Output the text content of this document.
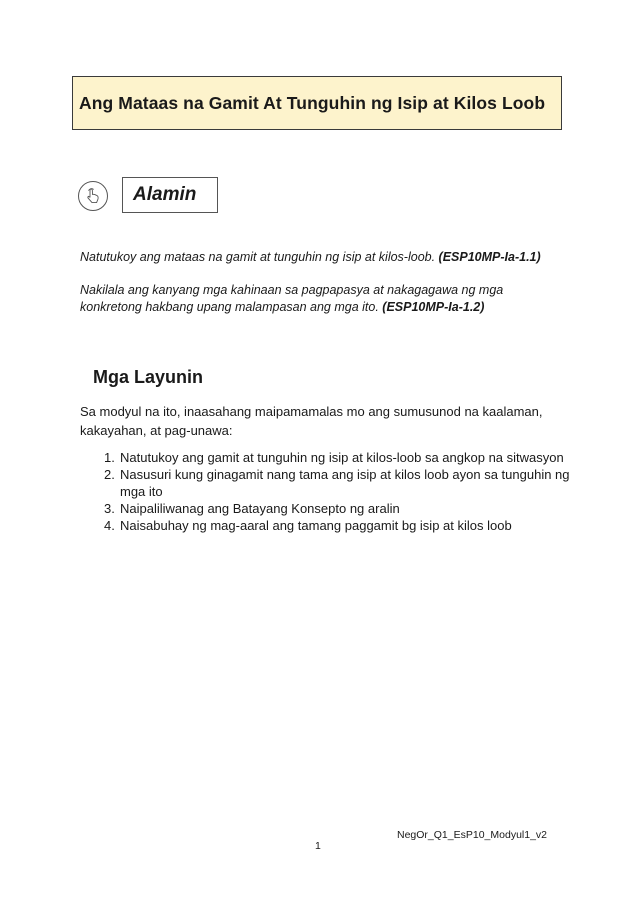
Ang Mataas na Gamit At Tunguhin ng Isip at Kilos Loob
Alamin
Natutukoy ang mataas na gamit at tunguhin ng isip at kilos-loob. (ESP10MP-Ia-1.1)
Nakilala ang kanyang mga kahinaan sa pagpapasya at nakagagawa ng mga konkretong hakbang upang malampasan ang mga ito. (ESP10MP-Ia-1.2)
Mga Layunin
Sa modyul na ito, inaasahang maipamamalas mo ang sumusunod na kaalaman, kakayahan, at pag-unawa:
1. Natutukoy ang gamit at tunguhin ng isip at kilos-loob sa angkop na sitwasyon
2. Nasusuri kung ginagamit nang tama ang isip at kilos loob ayon sa tunguhin ng mga ito
3. Naipaliliwanag ang Batayang Konsepto ng aralin
4. Naisabuhay ng mag-aaral ang tamang paggamit bg isip at kilos loob
NegOr_Q1_EsP10_Modyul1_v2
1
